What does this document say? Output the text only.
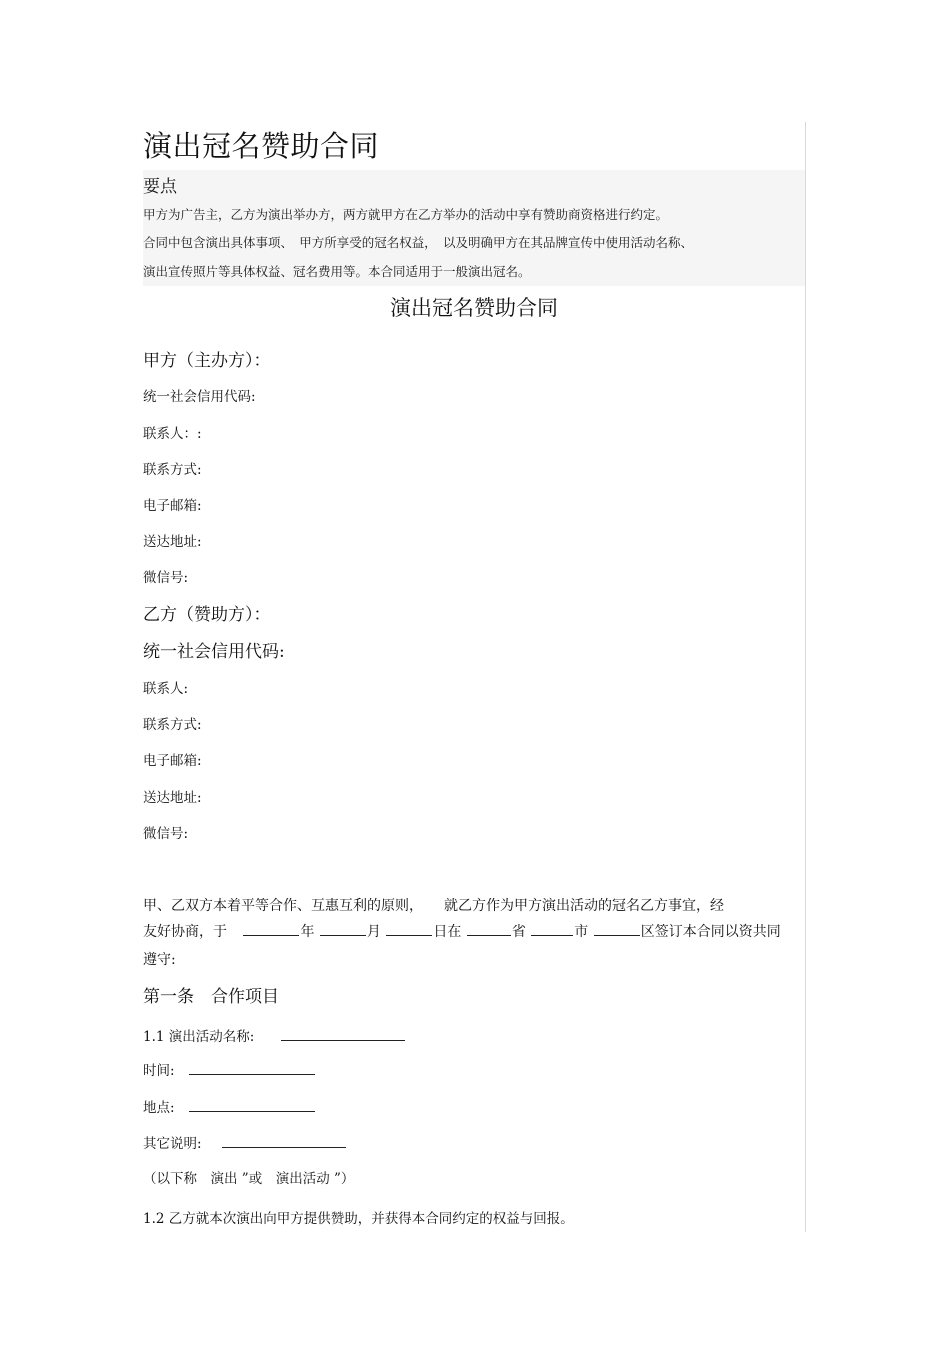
演出冠名赞助合同
要点
甲方为广告主，乙方为演出举办方，两方就甲方在乙方举办的活动中享有赞助商资格进行约定。
合同中包含演出具体事项、　甲方所享受的冠名权益，　以及明确甲方在其品牌宣传中使用活动名称、
演出宣传照片等具体权益、冠名费用等。本合同适用于一般演出冠名。
演出冠名赞助合同
甲方（主办方）：
统一社会信用代码:
联系人：:
联系方式:
电子邮箱:
送达地址:
微信号:
乙方（赞助方）：
统一社会信用代码:
联系人:
联系方式:
电子邮箱:
送达地址:
微信号:
甲、乙双方本着平等合作、互惠互利的原则，　　就乙方作为甲方演出活动的冠名乙方事宜，经
友好协商，于	年	月	日在	省	市	区签订本合同以资共同
遵守:
第一条　合作项目
1.1 演出活动名称:
时间:
地点:
其它说明:
（以下称　演出 ”或　演出活动 ”）
1.2 乙方就本次演出向甲方提供赞助，并获得本合同约定的权益与回报。
